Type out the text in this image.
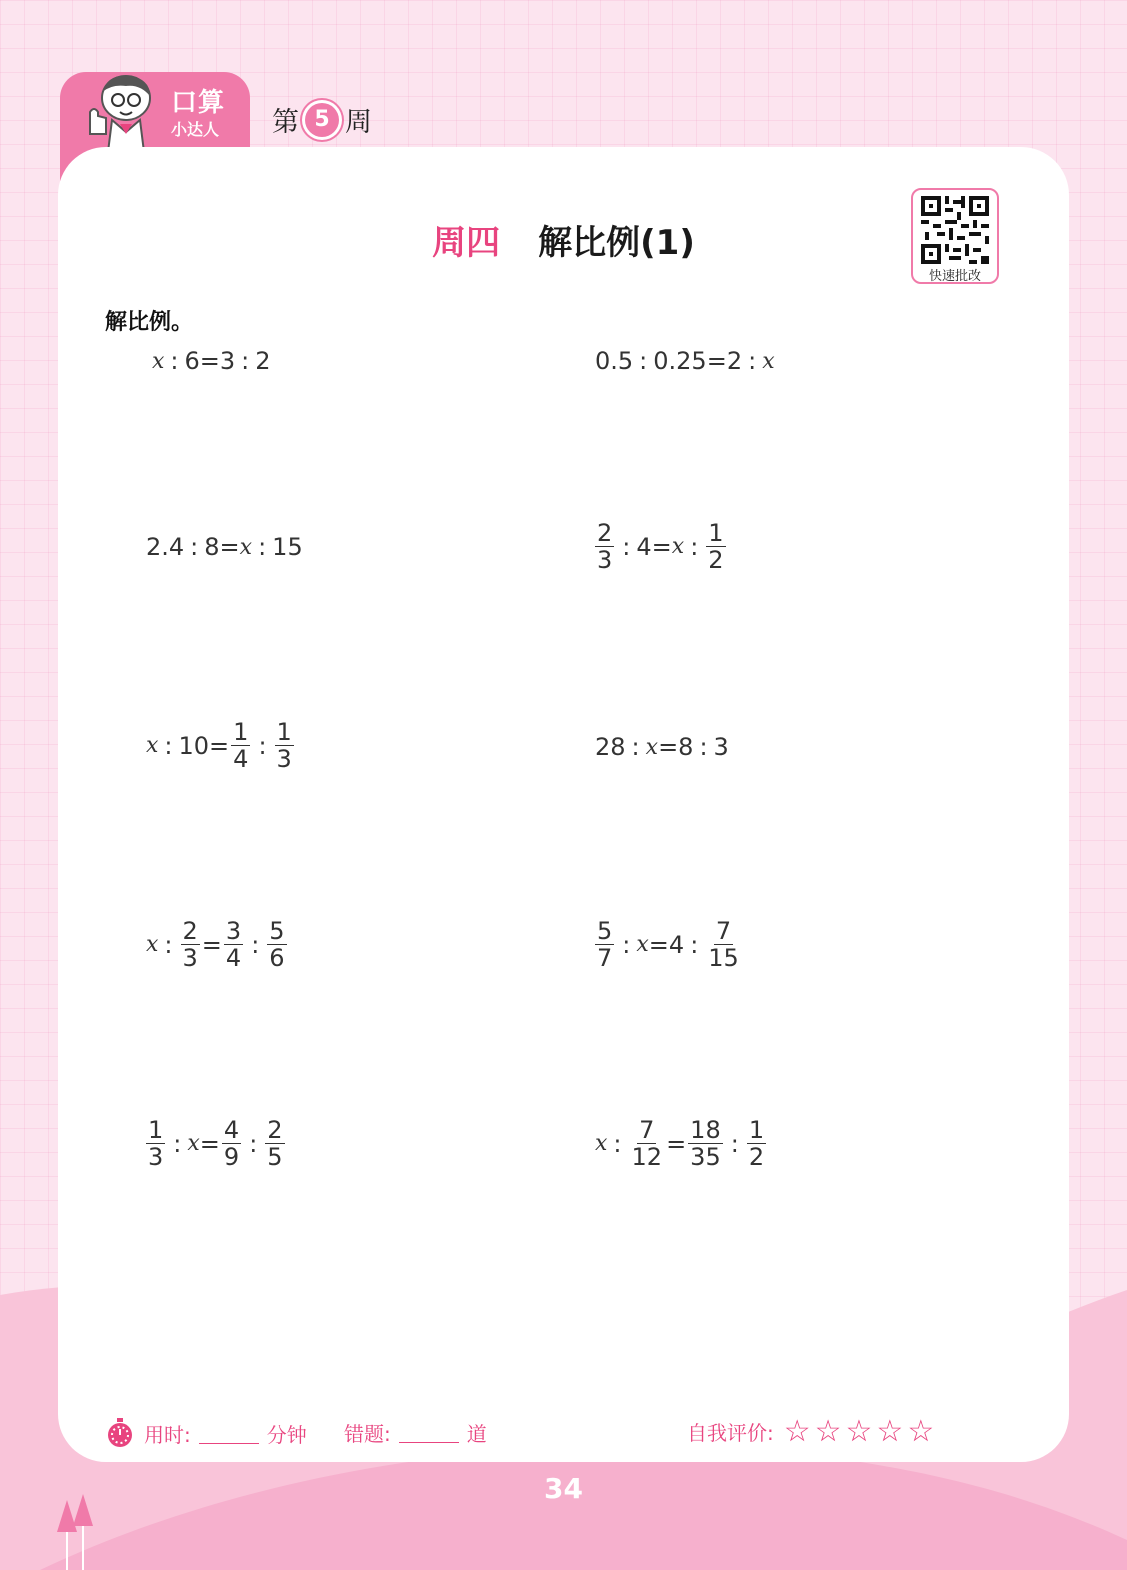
口算
小达人 第 5 周
周四 解比例(1)
快速批改
解比例。
x : 6=3 : 2	0.5 : 0.25=2 : x
2.4 : 8= x : 15	$\frac{2}{3}$ : 4= x : $\frac{1}{2}$
x : $10= \frac{1}{4}$ : $\frac{1}{3}$	28 : x =8 : 3
x : $\frac{2}{3} = \frac{3}{4}$ : $\frac{5}{6}$	$\frac{5}{7}$ : x =4 : $\frac{7}{15}$
$\frac{1}{3}$ : $x = \frac{4}{9}$ : $\frac{2}{5}$	x : $\frac{7}{12} = \frac{18}{35}$ : $\frac{1}{2}$
用时:	分钟 错题:	道	自我评价: ☆☆☆☆☆
34
